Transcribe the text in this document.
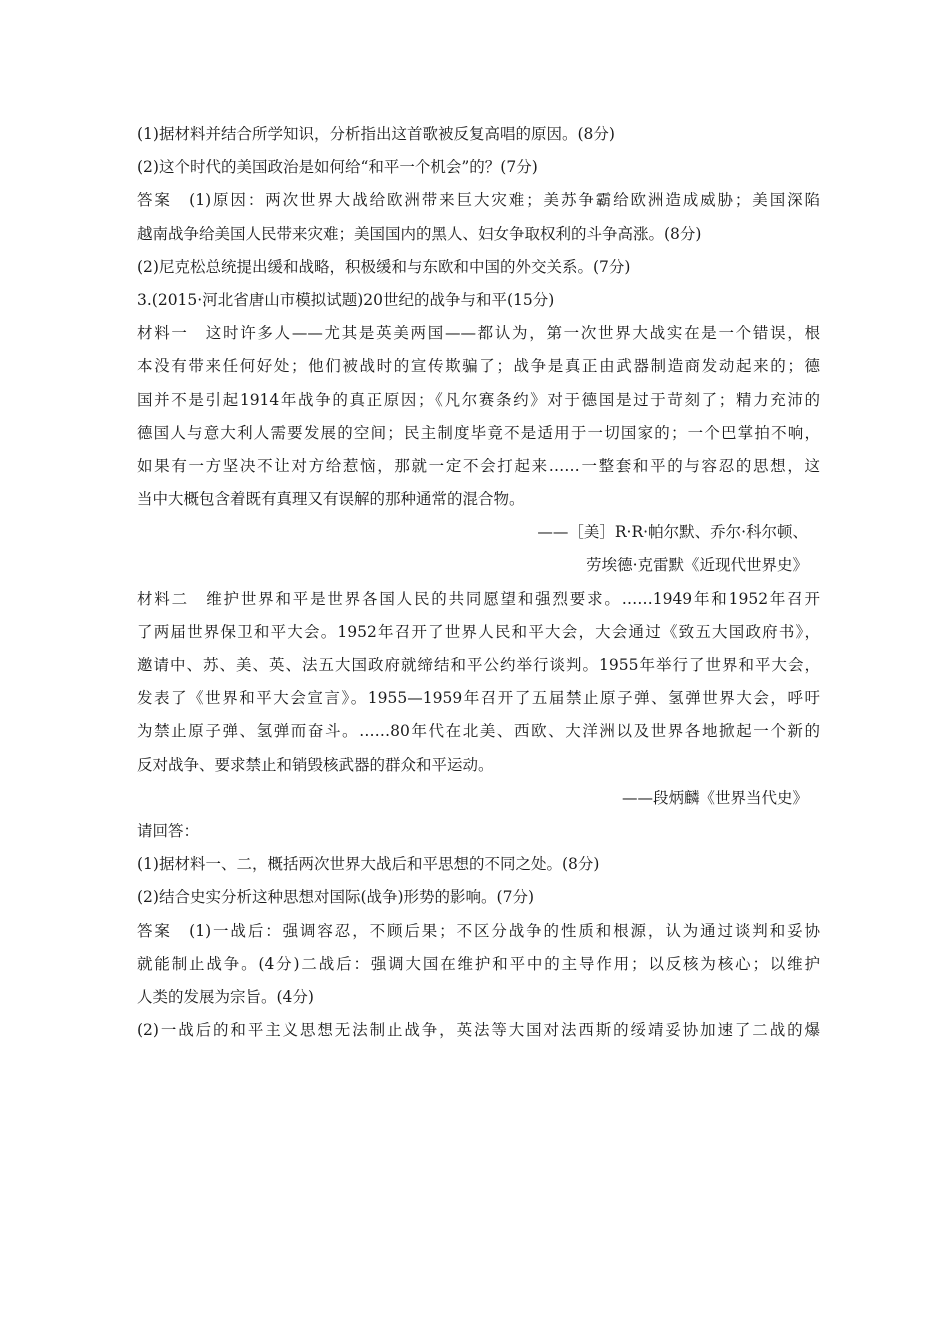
(1)据材料并结合所学知识，分析指出这首歌被反复高唱的原因。(8分)
(2)这个时代的美国政治是如何给“和平一个机会”的？(7分)
答案　(1)原因：两次世界大战给欧洲带来巨大灾难；美苏争霸给欧洲造成威胁；美国深陷
越南战争给美国人民带来灾难；美国国内的黑人、妇女争取权利的斗争高涨。(8分)
(2)尼克松总统提出缓和战略，积极缓和与东欧和中国的外交关系。(7分)
3.(2015·河北省唐山市模拟试题)20世纪的战争与和平(15分)
材料一　这时许多人——尤其是英美两国——都认为，第一次世界大战实在是一个错误，根
本没有带来任何好处；他们被战时的宣传欺骗了；战争是真正由武器制造商发动起来的；德
国并不是引起1914年战争的真正原因；《凡尔赛条约》对于德国是过于苛刻了；精力充沛的
德国人与意大利人需要发展的空间；民主制度毕竟不是适用于一切国家的；一个巴掌拍不响，
如果有一方坚决不让对方给惹恼，那就一定不会打起来……一整套和平的与容忍的思想，这
当中大概包含着既有真理又有误解的那种通常的混合物。
——［美］R·R·帕尔默、乔尔·科尔顿、
劳埃德·克雷默《近现代世界史》
材料二　维护世界和平是世界各国人民的共同愿望和强烈要求。……1949年和1952年召开
了两届世界保卫和平大会。1952年召开了世界人民和平大会，大会通过《致五大国政府书》，
邀请中、苏、美、英、法五大国政府就缔结和平公约举行谈判。1955年举行了世界和平大会，
发表了《世界和平大会宣言》。1955—1959年召开了五届禁止原子弹、氢弹世界大会，呼吁
为禁止原子弹、氢弹而奋斗。……80年代在北美、西欧、大洋洲以及世界各地掀起一个新的
反对战争、要求禁止和销毁核武器的群众和平运动。
——段炳麟《世界当代史》
请回答：
(1)据材料一、二，概括两次世界大战后和平思想的不同之处。(8分)
(2)结合史实分析这种思想对国际(战争)形势的影响。(7分)
答案　(1)一战后：强调容忍，不顾后果；不区分战争的性质和根源，认为通过谈判和妥协
就能制止战争。(4分)二战后：强调大国在维护和平中的主导作用；以反核为核心；以维护
人类的发展为宗旨。(4分)
(2)一战后的和平主义思想无法制止战争，英法等大国对法西斯的绥靖妥协加速了二战的爆
